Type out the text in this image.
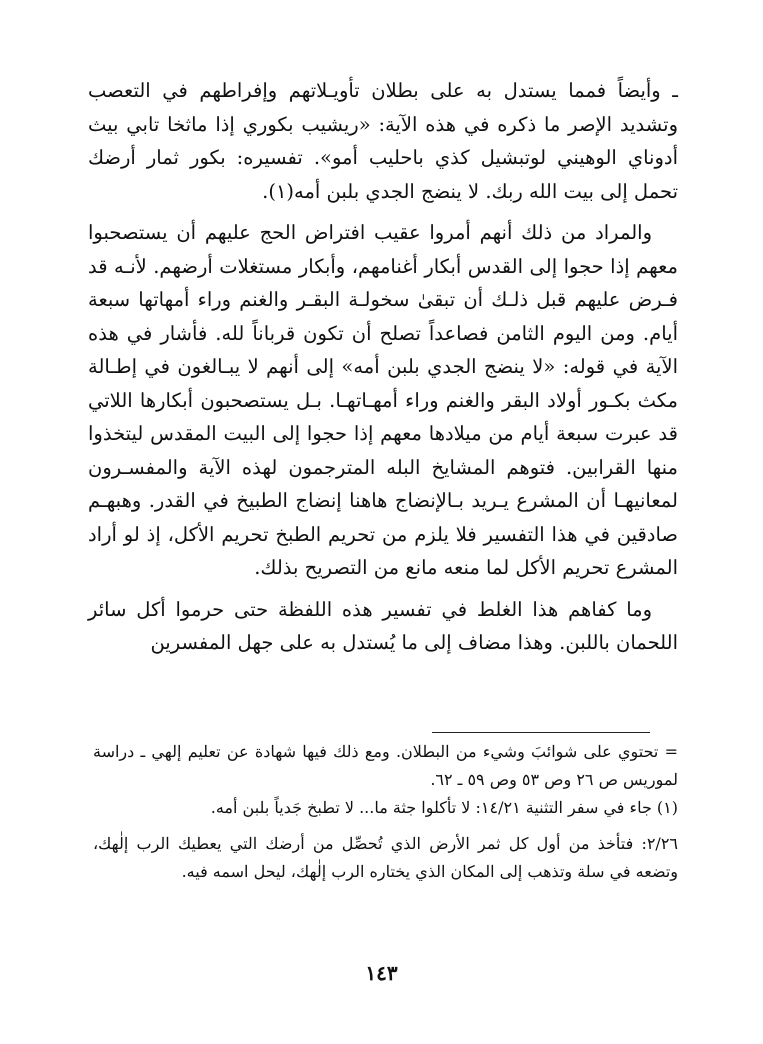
ـ وأيضاً فمما يستدل به على بطلان تأويـلاتهم وإفراطهم في التعصب وتشديد الإصر ما ذكره في هذه الآية: «ريشيب بكوري إذا ماثخا تابي بيث أدوناي الوهيني لوتبشيل كذي باحليب أمو». تفسيره: بكور ثمار أرضك تحمل إلى بيت الله ربك. لا ينضج الجدي بلبن أمه(١).

والمراد من ذلك أنهم أمروا عقيب افتراض الحج عليهم أن يستصحبوا معهم إذا حجوا إلى القدس أبكار أغنامهم، وأبكار مستغلات أرضهم. لأنـه قد فـرض عليهم قبل ذلـك أن تبقىٰ سخولـة البقـر والغنم وراء أمهاتها سبعة أيام. ومن اليوم الثامن فصاعداً تصلح أن تكون قرباناً لله. فأشار في هذه الآية في قوله: «لا ينضج الجدي بلبن أمه» إلى أنهم لا يبـالغون في إطـالة مكث بكـور أولاد البقر والغنم وراء أمهـاتهـا. بـل يستصحبون أبكارها اللاتي قد عبرت سبعة أيام من ميلادها معهم إذا حجوا إلى البيت المقدس ليتخذوا منها القرابين. فتوهم المشايخ البله المترجمون لهذه الآية والمفسـرون لمعانيهـا أن المشرع يـريد بـالإنضاج هاهنا إنضاج الطبيخ في القدر. وهبهـم صادقين في هذا التفسير فلا يلزم من تحريم الطبخ تحريم الأكل، إذ لو أراد المشرع تحريم الأكل لما منعه مانع من التصريح بذلك.

وما كفاهم هذا الغلط في تفسير هذه اللفظة حتى حرموا أكل سائر اللحمان باللبن. وهذا مضاف إلى ما يُستدل به على جهل المفسرين

= تحتوي على شوائبَ وشيء من البطلان. ومع ذلك فيها شهادة عن تعليم إلهي ـ دراسة لموريس ص ٢٦ وص ٥٣ وص ٥٩ ـ ٦٢.

(١) جاء في سفر التثنية ١٤/٢١: لا تأكلوا جثة ما... لا تطبخ جَدياً بلبن أمه.

٢/٢٦: فتأخذ من أول كل ثمر الأرض الذي تُحصِّل من أرضك التي يعطيك الرب إلٰهك، وتضعه في سلة وتذهب إلى المكان الذي يختاره الرب إلٰهك، ليحل اسمه فيه.

١٤٣
